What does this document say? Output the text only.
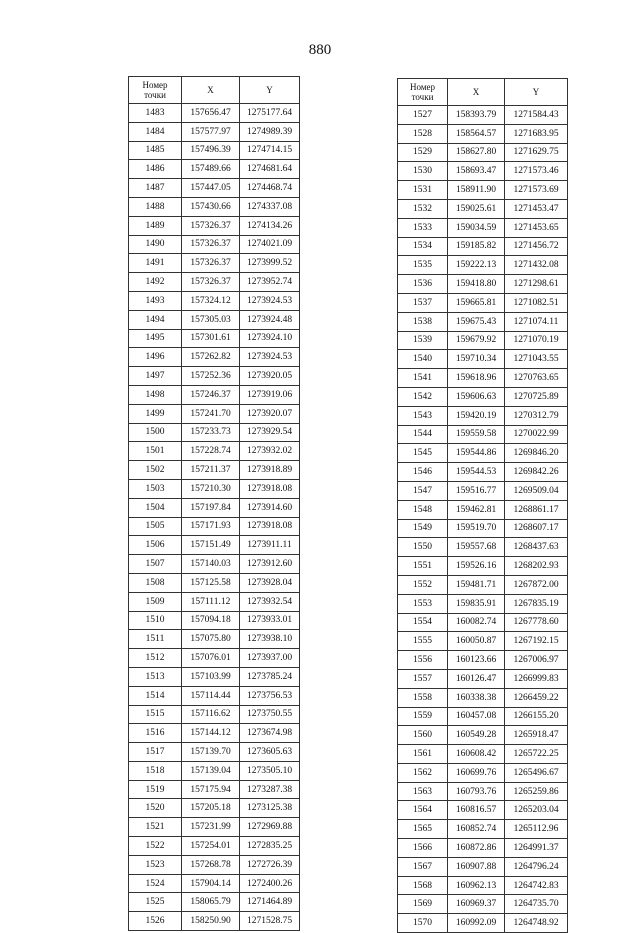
880
Номер
точки	X	Y
1483	157656.47	1275177.64
1484	157577.97	1274989.39
1485	157496.39	1274714.15
1486	157489.66	1274681.64
1487	157447.05	1274468.74
1488	157430.66	1274337.08
1489	157326.37	1274134.26
1490	157326.37	1274021.09
1491	157326.37	1273999.52
1492	157326.37	1273952.74
1493	157324.12	1273924.53
1494	157305.03	1273924.48
1495	157301.61	1273924.10
1496	157262.82	1273924.53
1497	157252.36	1273920.05
1498	157246.37	1273919.06
1499	157241.70	1273920.07
1500	157233.73	1273929.54
1501	157228.74	1273932.02
1502	157211.37	1273918.89
1503	157210.30	1273918.08
1504	157197.84	1273914.60
1505	157171.93	1273918.08
1506	157151.49	1273911.11
1507	157140.03	1273912.60
1508	157125.58	1273928.04
1509	157111.12	1273932.54
1510	157094.18	1273933.01
1511	157075.80	1273938.10
1512	157076.01	1273937.00
1513	157103.99	1273785.24
1514	157114.44	1273756.53
1515	157116.62	1273750.55
1516	157144.12	1273674.98
1517	157139.70	1273605.63
1518	157139.04	1273505.10
1519	157175.94	1273287.38
1520	157205.18	1273125.38
1521	157231.99	1272969.88
1522	157254.01	1272835.25
1523	157268.78	1272726.39
1524	157904.14	1272400.26
1525	158065.79	1271464.89
1526	158250.90	1271528.75
Номер
точки	X	Y
1527	158393.79	1271584.43
1528	158564.57	1271683.95
1529	158627.80	1271629.75
1530	158693.47	1271573.46
1531	158911.90	1271573.69
1532	159025.61	1271453.47
1533	159034.59	1271453.65
1534	159185.82	1271456.72
1535	159222.13	1271432.08
1536	159418.80	1271298.61
1537	159665.81	1271082.51
1538	159675.43	1271074.11
1539	159679.92	1271070.19
1540	159710.34	1271043.55
1541	159618.96	1270763.65
1542	159606.63	1270725.89
1543	159420.19	1270312.79
1544	159559.58	1270022.99
1545	159544.86	1269846.20
1546	159544.53	1269842.26
1547	159516.77	1269509.04
1548	159462.81	1268861.17
1549	159519.70	1268607.17
1550	159557.68	1268437.63
1551	159526.16	1268202.93
1552	159481.71	1267872.00
1553	159835.91	1267835.19
1554	160082.74	1267778.60
1555	160050.87	1267192.15
1556	160123.66	1267006.97
1557	160126.47	1266999.83
1558	160338.38	1266459.22
1559	160457.08	1266155.20
1560	160549.28	1265918.47
1561	160608.42	1265722.25
1562	160699.76	1265496.67
1563	160793.76	1265259.86
1564	160816.57	1265203.04
1565	160852.74	1265112.96
1566	160872.86	1264991.37
1567	160907.88	1264796.24
1568	160962.13	1264742.83
1569	160969.37	1264735.70
1570	160992.09	1264748.92
